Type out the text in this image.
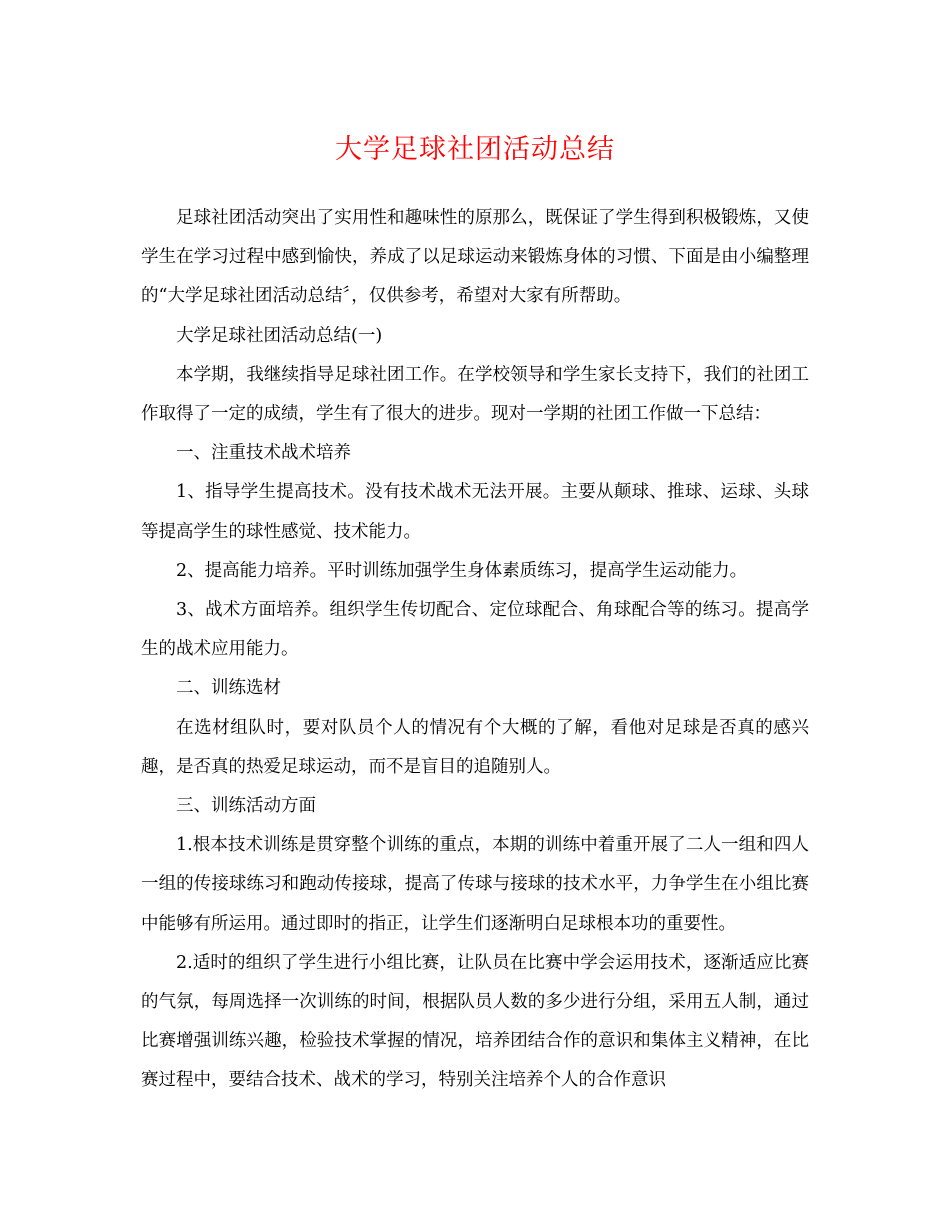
大学足球社团活动总结

足球社团活动突出了实用性和趣味性的原那么，既保证了学生得到积极锻炼，又使学生在学习过程中感到愉快，养成了以足球运动来锻炼身体的习惯、下面是由小编整理的“大学足球社团活动总结〞，仅供参考，希望对大家有所帮助。

大学足球社团活动总结(一)

本学期，我继续指导足球社团工作。在学校领导和学生家长支持下，我们的社团工作取得了一定的成绩，学生有了很大的进步。现对一学期的社团工作做一下总结：

一、注重技术战术培养

1、指导学生提高技术。没有技术战术无法开展。主要从颠球、推球、运球、头球等提高学生的球性感觉、技术能力。

2、提高能力培养。平时训练加强学生身体素质练习，提高学生运动能力。

3、战术方面培养。组织学生传切配合、定位球配合、角球配合等的练习。提高学生的战术应用能力。

二、训练选材

在选材组队时，要对队员个人的情况有个大概的了解，看他对足球是否真的感兴趣，是否真的热爱足球运动，而不是盲目的追随别人。

三、训练活动方面

1.根本技术训练是贯穿整个训练的重点，本期的训练中着重开展了二人一组和四人一组的传接球练习和跑动传接球，提高了传球与接球的技术水平，力争学生在小组比赛中能够有所运用。通过即时的指正，让学生们逐渐明白足球根本功的重要性。

2.适时的组织了学生进行小组比赛，让队员在比赛中学会运用技术，逐渐适应比赛的气氛，每周选择一次训练的时间，根据队员人数的多少进行分组，采用五人制，通过比赛增强训练兴趣，检验技术掌握的情况，培养团结合作的意识和集体主义精神，在比赛过程中，要结合技术、战术的学习，特别关注培养个人的合作意识
